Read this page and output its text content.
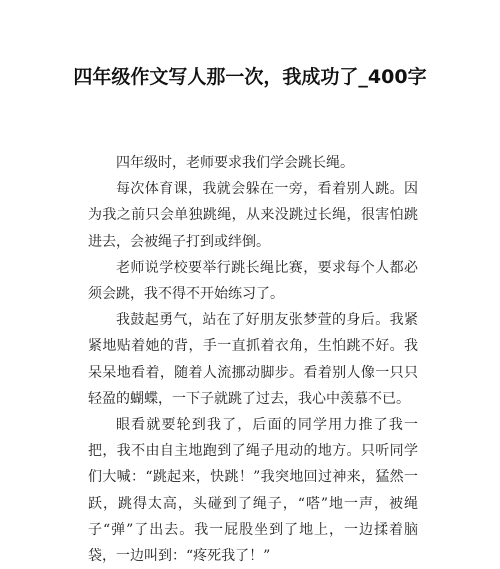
四年级作文写人那一次，我成功了_400字

四年级时，老师要求我们学会跳长绳。

每次体育课，我就会躲在一旁，看着别人跳。因为我之前只会单独跳绳，从来没跳过长绳，很害怕跳进去，会被绳子打到或绊倒。

老师说学校要举行跳长绳比赛，要求每个人都必须会跳，我不得不开始练习了。

我鼓起勇气，站在了好朋友张梦萱的身后。我紧紧地贴着她的背，手一直抓着衣角，生怕跳不好。我呆呆地看着，随着人流挪动脚步。看着别人像一只只轻盈的蝴蝶，一下子就跳了过去，我心中羡慕不已。

眼看就要轮到我了，后面的同学用力推了我一把，我不由自主地跑到了绳子甩动的地方。只听同学们大喊：“跳起来，快跳！”我突地回过神来，猛然一跃，跳得太高，头碰到了绳子，“嗒”地一声，被绳子“弹”了出去。我一屁股坐到了地上，一边揉着脑袋，一边叫到：“疼死我了！”
